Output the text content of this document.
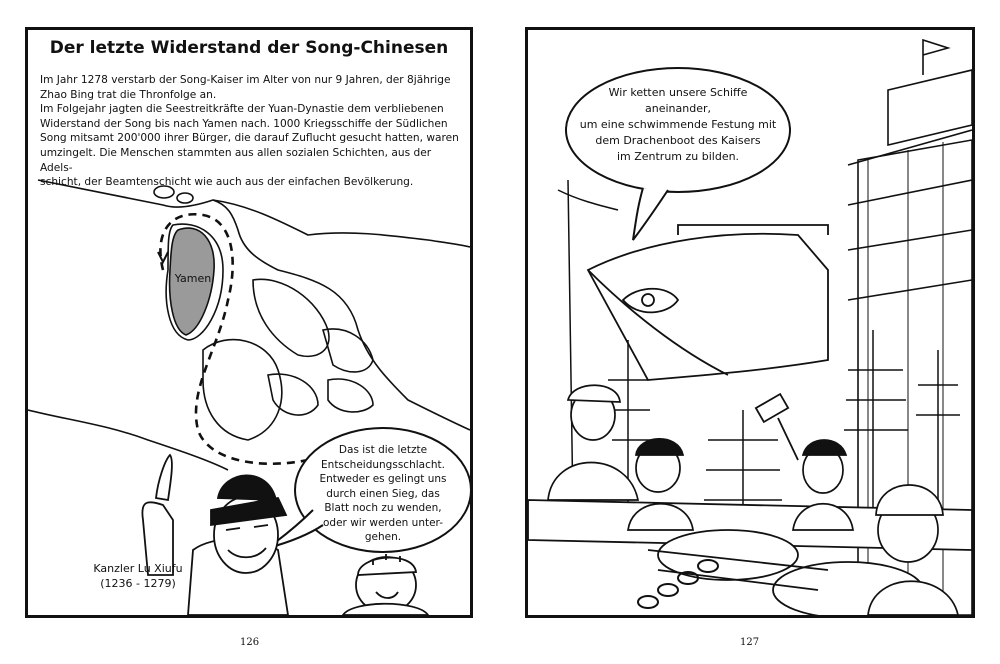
Der letzte Widerstand der Song-Chinesen

Im Jahr 1278 verstarb der Song-Kaiser im Alter von nur 9 Jahren, der 8jährige

Zhao Bing trat die Thronfolge an.

Im Folgejahr jagten die Seestreitkräfte der Yuan-Dynastie dem verbliebenen

Widerstand der Song bis nach Yamen nach. 1000 Kriegsschiffe der Südlichen

Song mitsamt 200'000 ihrer Bürger, die darauf Zuflucht gesucht hatten, waren

umzingelt. Die Menschen stammten aus allen sozialen Schichten, aus der Adels-

schicht, der Beamtenschicht wie auch aus der einfachen Bevölkerung.

Yamen

Das ist die letzte

Entscheidungsschlacht.

Entweder es gelingt uns

durch einen Sieg, das

Blatt noch zu wenden,

oder wir werden unter-

gehen.

Kanzler Lu Xiufu
(1236 - 1279)

Wir ketten unsere Schiffe aneinander,

um eine schwimmende Festung mit

dem Drachenboot des Kaisers

im Zentrum zu bilden.

126	127
